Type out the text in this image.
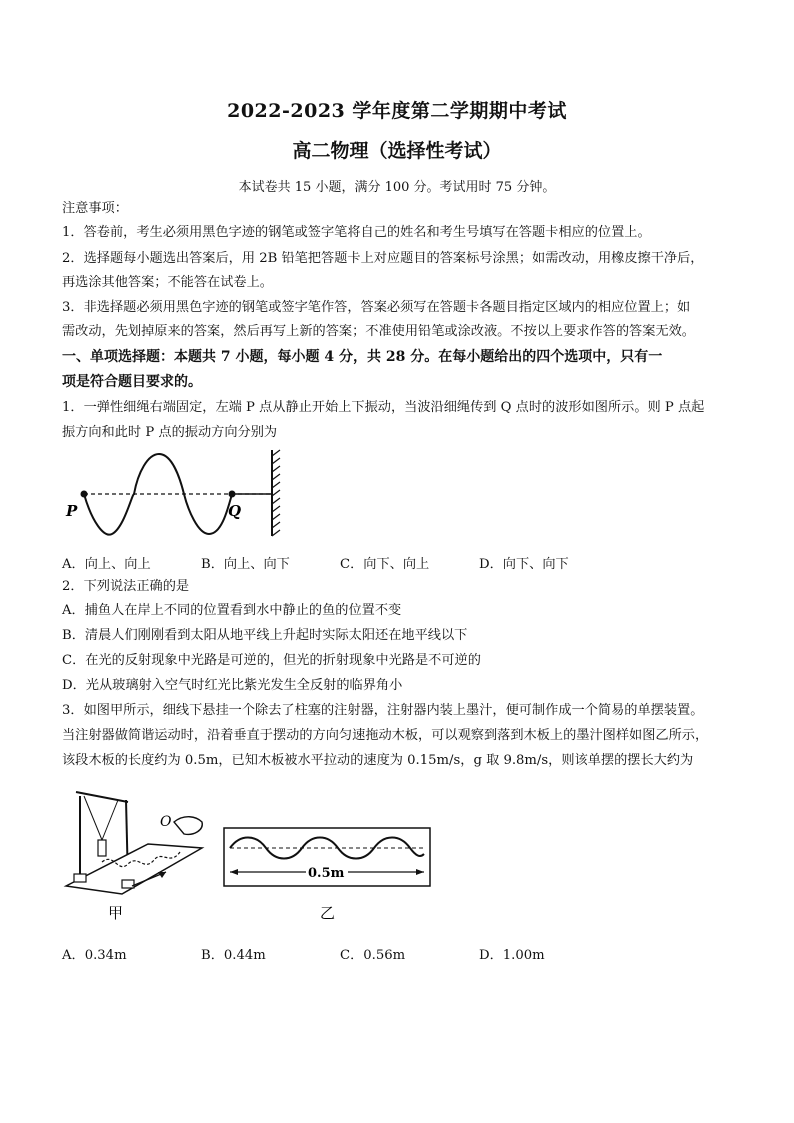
2022-2023 学年度第二学期期中考试
高二物理（选择性考试）
本试卷共 15 小题，满分 100 分。考试用时 75 分钟。
注意事项：
1．答卷前，考生必须用黑色字迹的钢笔或签字笔将自己的姓名和考生号填写在答题卡相应的位置上。
2．选择题每小题选出答案后，用 2B 铅笔把答题卡上对应题目的答案标号涂黑；如需改动，用橡皮擦干净后，
再选涂其他答案；不能答在试卷上。
3．非选择题必须用黑色字迹的钢笔或签字笔作答，答案必须写在答题卡各题目指定区域内的相应位置上；如
需改动，先划掉原来的答案，然后再写上新的答案；不准使用铅笔或涂改液。不按以上要求作答的答案无效。
一、单项选择题：本题共 7 小题，每小题 4 分，共 28 分。在每小题给出的四个选项中，只有一
项是符合题目要求的。
1．一弹性细绳右端固定，左端 P 点从静止开始上下振动，当波沿细绳传到 Q 点时的波形如图所示。则 P 点起
振方向和此时 P 点的振动方向分别为
P	Q
A．向上、向上	B．向上、向下	C．向下、向上	D．向下、向下
2．下列说法正确的是
A．捕鱼人在岸上不同的位置看到水中静止的鱼的位置不变
B．清晨人们刚刚看到太阳从地平线上升起时实际太阳还在地平线以下
C．在光的反射现象中光路是可逆的，但光的折射现象中光路是不可逆的
D．光从玻璃射入空气时红光比紫光发生全反射的临界角小
3．如图甲所示，细线下悬挂一个除去了柱塞的注射器，注射器内装上墨汁，便可制作成一个简易的单摆装置。
当注射器做简谐运动时，沿着垂直于摆动的方向匀速拖动木板，可以观察到落到木板上的墨汁图样如图乙所示，
该段木板的长度约为 0.5m，已知木板被水平拉动的速度为 0.15m/s，g 取 9.8m/s，则该单摆的摆长大约为
O
甲
0.5m
乙
A．0.34m	B．0.44m	C．0.56m	D．1.00m
